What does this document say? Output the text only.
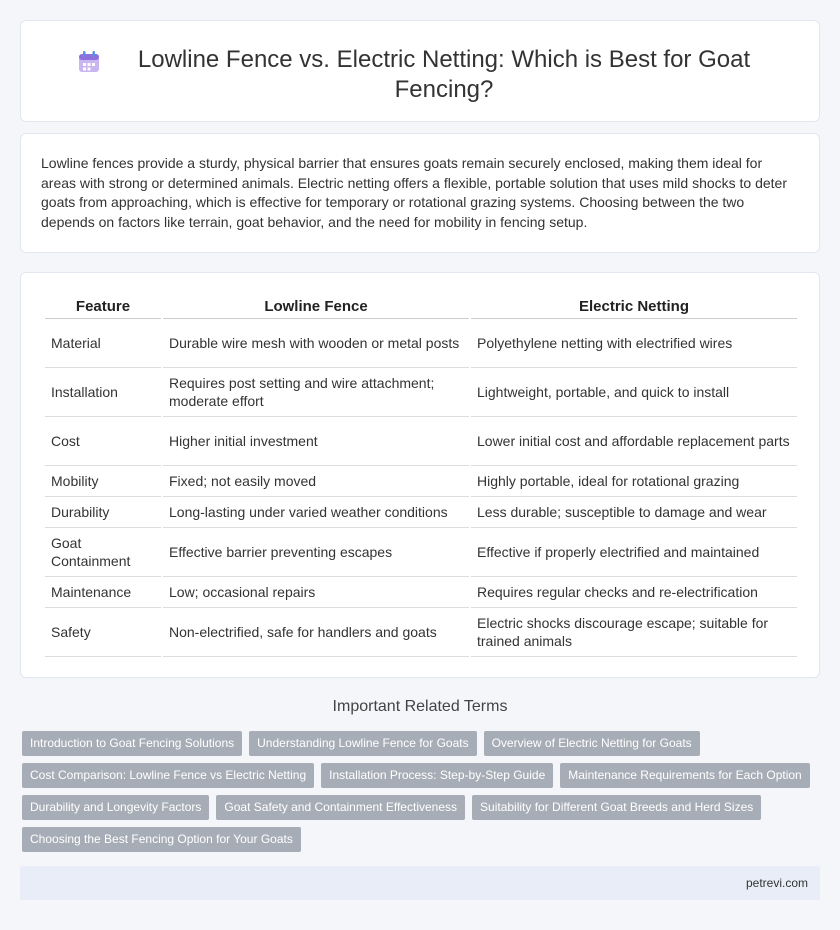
Lowline Fence vs. Electric Netting: Which is Best for Goat Fencing?

Lowline fences provide a sturdy, physical barrier that ensures goats remain securely enclosed, making them ideal for areas with strong or determined animals. Electric netting offers a flexible, portable solution that uses mild shocks to deter goats from approaching, which is effective for temporary or rotational grazing systems. Choosing between the two depends on factors like terrain, goat behavior, and the need for mobility in fencing setup.

Feature	Lowline Fence	Electric Netting
Material	Durable wire mesh with wooden or metal posts	Polyethylene netting with electrified wires
Installation	Requires post setting and wire attachment; moderate effort	Lightweight, portable, and quick to install
Cost	Higher initial investment	Lower initial cost and affordable replacement parts
Mobility	Fixed; not easily moved	Highly portable, ideal for rotational grazing
Durability	Long-lasting under varied weather conditions	Less durable; susceptible to damage and wear
Goat Containment	Effective barrier preventing escapes	Effective if properly electrified and maintained
Maintenance	Low; occasional repairs	Requires regular checks and re-electrification
Safety	Non-electrified, safe for handlers and goats	Electric shocks discourage escape; suitable for trained animals
Important Related Terms
Introduction to Goat Fencing Solutions	Understanding Lowline Fence for Goats	Overview of Electric Netting for Goats
Cost Comparison: Lowline Fence vs Electric Netting	Installation Process: Step-by-Step Guide	Maintenance Requirements for Each Option
Durability and Longevity Factors	Goat Safety and Containment Effectiveness	Suitability for Different Goat Breeds and Herd Sizes
Choosing the Best Fencing Option for Your Goats
petrevi.com
